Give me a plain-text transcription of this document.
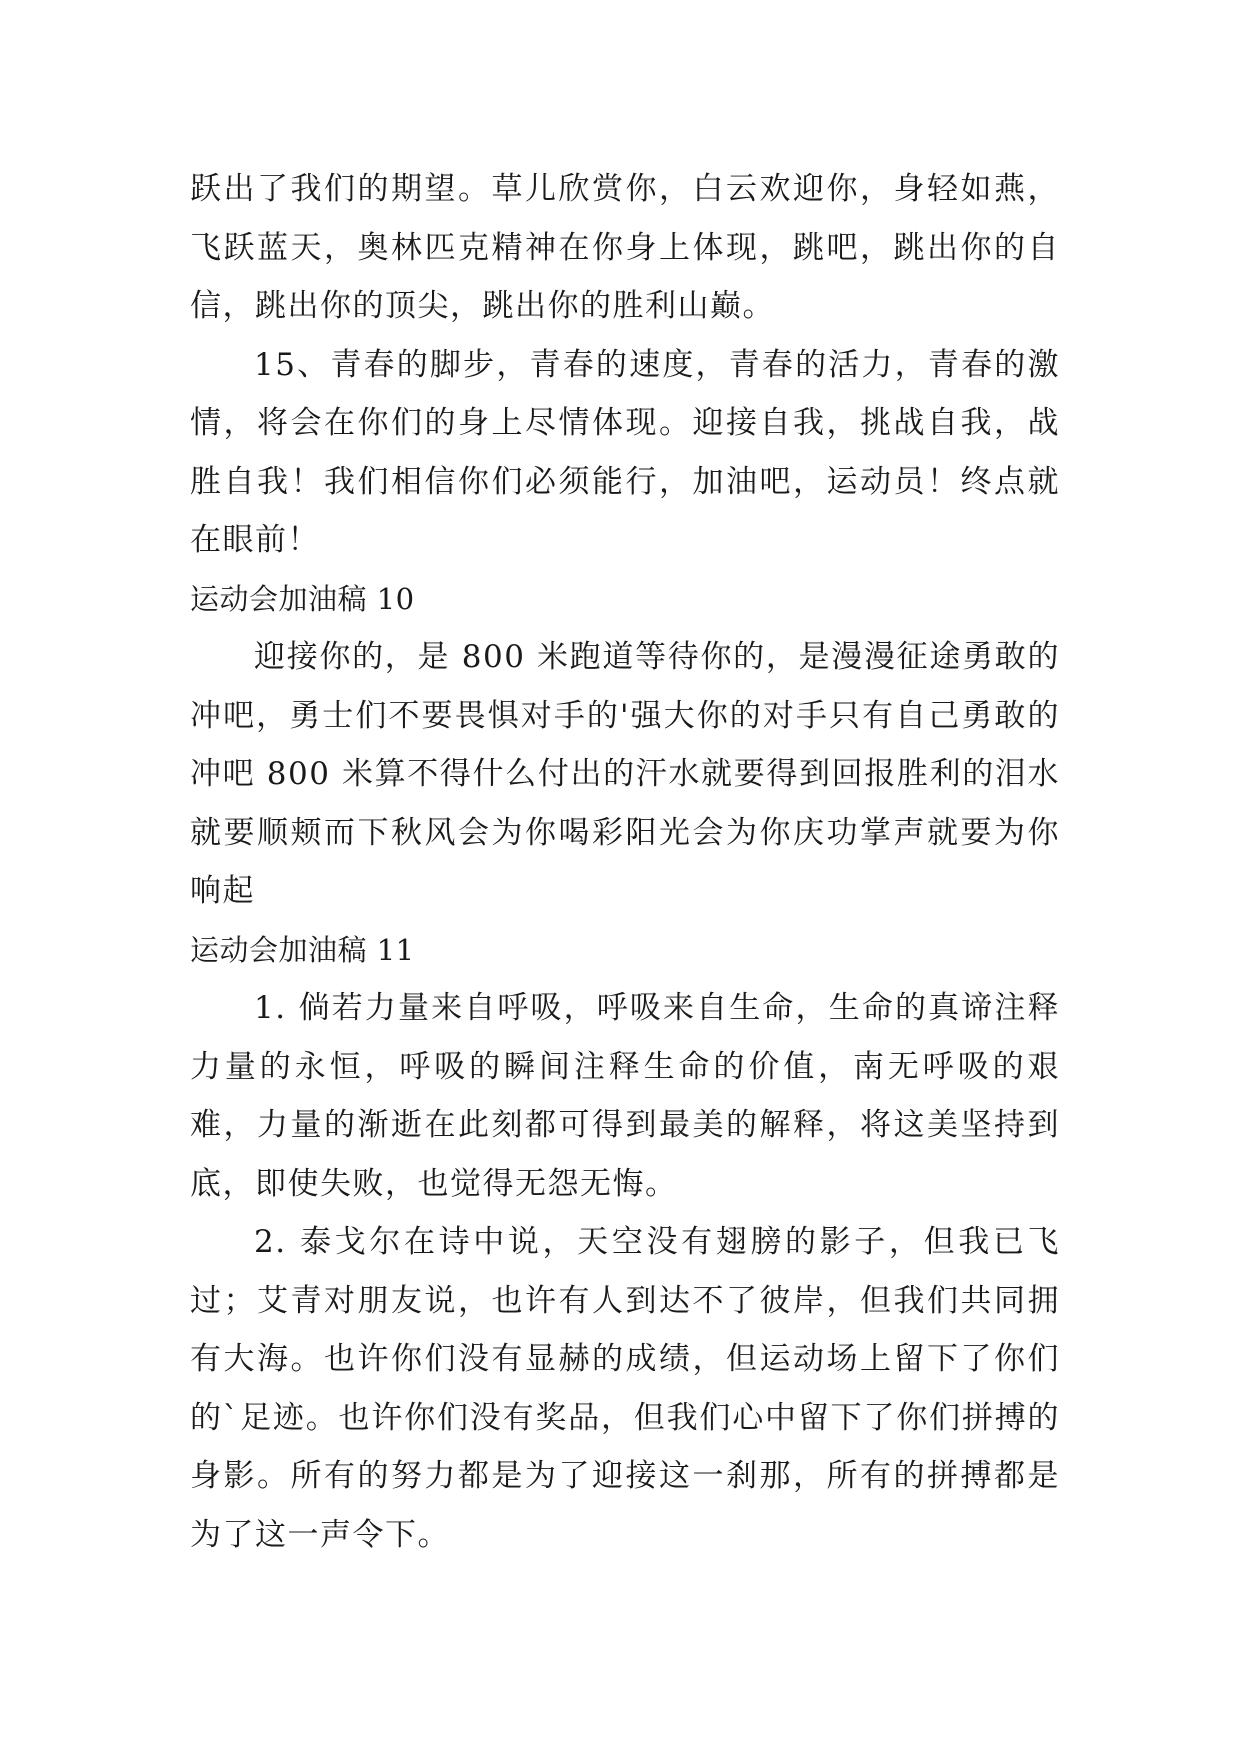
跃出了我们的期望。草儿欣赏你，白云欢迎你，身轻如燕，飞跃蓝天，奥林匹克精神在你身上体现，跳吧，跳出你的自信，跳出你的顶尖，跳出你的胜利山巅。

15、青春的脚步，青春的速度，青春的活力，青春的激情，将会在你们的身上尽情体现。迎接自我，挑战自我，战胜自我！我们相信你们必须能行，加油吧，运动员！终点就在眼前！

运动会加油稿 10

迎接你的，是 800 米跑道等待你的，是漫漫征途勇敢的冲吧，勇士们不要畏惧对手的'强大你的对手只有自己勇敢的冲吧 800 米算不得什么付出的汗水就要得到回报胜利的泪水就要顺颊而下秋风会为你喝彩阳光会为你庆功掌声就要为你响起

运动会加油稿 11

1. 倘若力量来自呼吸，呼吸来自生命，生命的真谛注释力量的永恒，呼吸的瞬间注释生命的价值，南无呼吸的艰难，力量的渐逝在此刻都可得到最美的解释，将这美坚持到底，即使失败，也觉得无怨无悔。

2. 泰戈尔在诗中说，天空没有翅膀的影子，但我已飞过；艾青对朋友说，也许有人到达不了彼岸，但我们共同拥有大海。也许你们没有显赫的成绩，但运动场上留下了你们的`足迹。也许你们没有奖品，但我们心中留下了你们拼搏的身影。所有的努力都是为了迎接这一刹那，所有的拼搏都是为了这一声令下。
